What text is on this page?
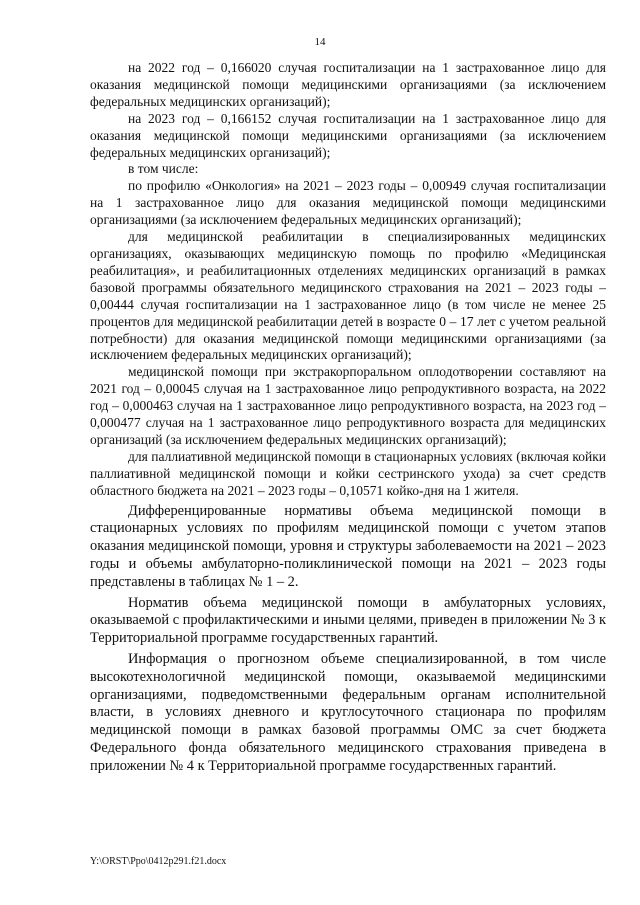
14

на 2022 год – 0,166020 случая госпитализации на 1 застрахованное лицо для оказания медицинской помощи медицинскими организациями (за исключением федеральных медицинских организаций);

на 2023 год – 0,166152 случая госпитализации на 1 застрахованное лицо для оказания медицинской помощи медицинскими организациями (за исключением федеральных медицинских организаций);

в том числе:

по профилю «Онкология» на 2021 – 2023 годы – 0,00949 случая госпитализации на 1 застрахованное лицо для оказания медицинской помощи медицинскими организациями (за исключением федеральных медицинских организаций);

для медицинской реабилитации в специализированных медицинских организациях, оказывающих медицинскую помощь по профилю «Медицинская реабилитация», и реабилитационных отделениях медицинских организаций в рамках базовой программы обязательного медицинского страхования на 2021 – 2023 годы – 0,00444 случая госпитализации на 1 застрахованное лицо (в том числе не менее 25 процентов для медицинской реабилитации детей в возрасте 0 – 17 лет с учетом реальной потребности) для оказания медицинской помощи медицинскими организациями (за исключением федеральных медицинских организаций);

медицинской помощи при экстракорпоральном оплодотворении составляют на 2021 год – 0,00045 случая на 1 застрахованное лицо репродуктивного возраста, на 2022 год – 0,000463 случая на 1 застрахованное лицо репродуктивного возраста, на 2023 год – 0,000477 случая на 1 застрахованное лицо репродуктивного возраста для медицинских организаций (за исключением федеральных медицинских организаций);

для паллиативной медицинской помощи в стационарных условиях (включая койки паллиативной медицинской помощи и койки сестринского ухода) за счет средств областного бюджета на 2021 – 2023 годы – 0,10571 койко-дня на 1 жителя.

Дифференцированные нормативы объема медицинской помощи в стационарных условиях по профилям медицинской помощи с учетом этапов оказания медицинской помощи, уровня и структуры заболеваемости на 2021 – 2023 годы и объемы амбулаторно-поликлинической помощи на 2021 – 2023 годы представлены в таблицах № 1 – 2.

Норматив объема медицинской помощи в амбулаторных условиях, оказываемой с профилактическими и иными целями, приведен в приложении № 3 к Территориальной программе государственных гарантий.

Информация о прогнозном объеме специализированной, в том числе высокотехнологичной медицинской помощи, оказываемой медицинскими организациями, подведомственными федеральным органам исполнительной власти, в условиях дневного и круглосуточного стационара по профилям медицинской помощи в рамках базовой программы ОМС за счет бюджета Федерального фонда обязательного медицинского страхования приведена в приложении № 4 к Территориальной программе государственных гарантий.

Y:\ORST\Ppo\0412p291.f21.docx
